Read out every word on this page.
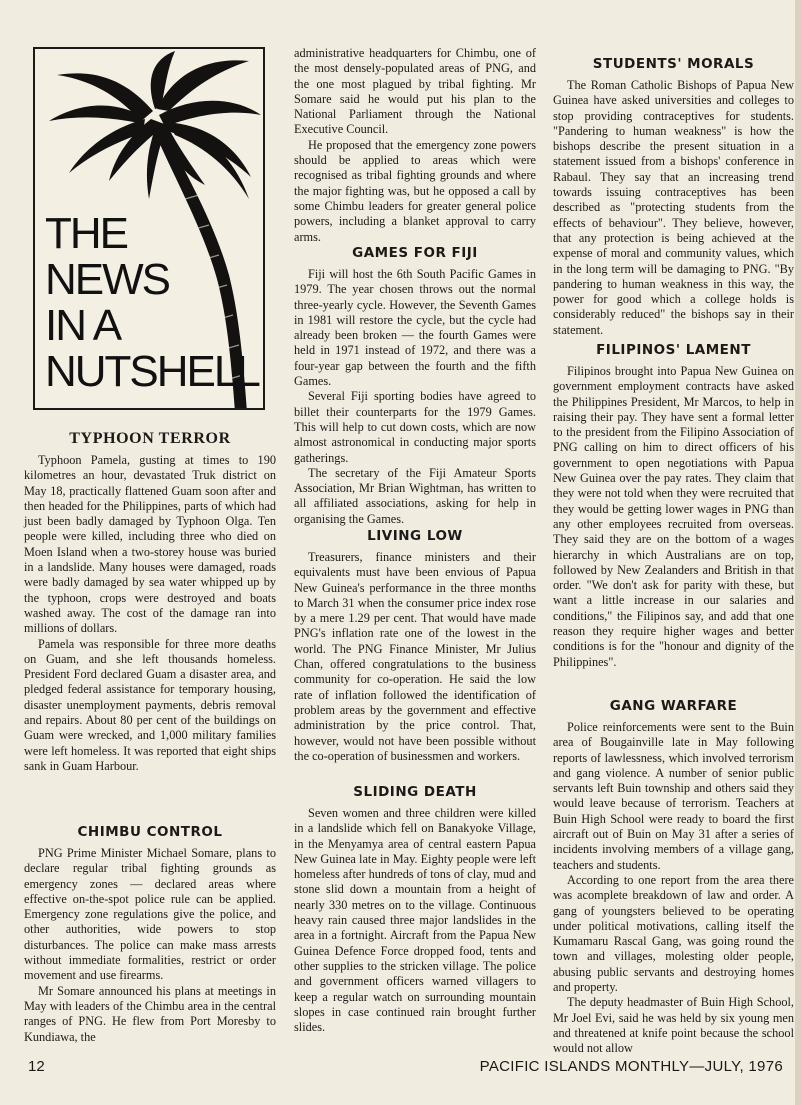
THE
NEWS
IN A
NUTSHELL
TYPHOON TERROR

Typhoon Pamela, gusting at times to 190 kilometres an hour, devastated Truk district on May 18, practically flattened Guam soon after and then headed for the Philippines, parts of which had just been badly damaged by Typhoon Olga. Ten people were killed, including three who died on Moen Island when a two-storey house was buried in a landslide. Many houses were damaged, roads were badly damaged by sea water whipped up by the typhoon, crops were destroyed and boats washed away. The cost of the damage ran into millions of dollars.

Pamela was responsible for three more deaths on Guam, and she left thousands homeless. President Ford declared Guam a disaster area, and pledged federal assistance for temporary housing, disaster unemployment payments, debris removal and repairs. About 80 per cent of the buildings on Guam were wrecked, and 1,000 military families were left homeless. It was reported that eight ships sank in Guam Harbour.

CHIMBU CONTROL

PNG Prime Minister Michael Somare, plans to declare regular tribal fighting grounds as emergency zones — declared areas where effective on-the-spot police rule can be applied. Emergency zone regulations give the police, and other authorities, wide powers to stop disturbances. The police can make mass arrests without immediate formalities, restrict or order movement and use firearms.

Mr Somare announced his plans at meetings in May with leaders of the Chimbu area in the central ranges of PNG. He flew from Port Moresby to Kundiawa, the

administrative headquarters for Chimbu, one of the most densely-populated areas of PNG, and the one most plagued by tribal fighting. Mr Somare said he would put his plan to the National Parliament through the National Executive Council.

He proposed that the emergency zone powers should be applied to areas which were recognised as tribal fighting grounds and where the major fighting was, but he opposed a call by some Chimbu leaders for greater general police powers, including a blanket approval to carry arms.

GAMES FOR FIJI

Fiji will host the 6th South Pacific Games in 1979. The year chosen throws out the normal three-yearly cycle. However, the Seventh Games in 1981 will restore the cycle, but the cycle had already been broken — the fourth Games were held in 1971 instead of 1972, and there was a four-year gap between the fourth and the fifth Games.

Several Fiji sporting bodies have agreed to billet their counterparts for the 1979 Games. This will help to cut down costs, which are now almost astronomical in conducting major sports gatherings.

The secretary of the Fiji Amateur Sports Association, Mr Brian Wightman, has written to all affiliated associations, asking for help in organising the Games.

LIVING LOW

Treasurers, finance ministers and their equivalents must have been envious of Papua New Guinea's performance in the three months to March 31 when the consumer price index rose by a mere 1.29 per cent. That would have made PNG's inflation rate one of the lowest in the world. The PNG Finance Minister, Mr Julius Chan, offered congratulations to the business community for co-operation. He said the low rate of inflation followed the identification of problem areas by the government and effective administration by the price control. That, however, would not have been possible without the co-operation of businessmen and workers.

SLIDING DEATH

Seven women and three children were killed in a landslide which fell on Banakyoke Village, in the Menyamya area of central eastern Papua New Guinea late in May. Eighty people were left homeless after hundreds of tons of clay, mud and stone slid down a mountain from a height of nearly 330 metres on to the village. Continuous heavy rain caused three major landslides in the area in a fortnight. Aircraft from the Papua New Guinea Defence Force dropped food, tents and other supplies to the stricken village. The police and government officers warned villagers to keep a regular watch on surrounding mountain slopes in case continued rain brought further slides.

STUDENTS' MORALS

The Roman Catholic Bishops of Papua New Guinea have asked universities and colleges to stop providing contraceptives for students. "Pandering to human weakness" is how the bishops describe the present situation in a statement issued from a bishops' conference in Rabaul. They say that an increasing trend towards issuing contraceptives has been described as "protecting students from the effects of behaviour". They believe, however, that any protection is being achieved at the expense of moral and community values, which in the long term will be damaging to PNG. "By pandering to human weakness in this way, the power for good which a college holds is considerably reduced" the bishops say in their statement.

FILIPINOS' LAMENT

Filipinos brought into Papua New Guinea on government employment contracts have asked the Philippines President, Mr Marcos, to help in raising their pay. They have sent a formal letter to the president from the Filipino Association of PNG calling on him to direct officers of his government to open negotiations with Papua New Guinea over the pay rates. They claim that they were not told when they were recruited that they would be getting lower wages in PNG than any other employees recruited from overseas. They said they are on the bottom of a wages hierarchy in which Australians are on top, followed by New Zealanders and British in that order. "We don't ask for parity with these, but want a little increase in our salaries and conditions," the Filipinos say, and add that one reason they require higher wages and better conditions is for the "honour and dignity of the Philippines".

GANG WARFARE

Police reinforcements were sent to the Buin area of Bougainville late in May following reports of lawlessness, which involved terrorism and gang violence. A number of senior public servants left Buin township and others said they would leave because of terrorism. Teachers at Buin High School were ready to board the first aircraft out of Buin on May 31 after a series of incidents involving members of a village gang, teachers and students.

According to one report from the area there was acomplete breakdown of law and order. A gang of youngsters believed to be operating under political motivations, calling itself the Kumamaru Rascal Gang, was going round the town and villages, molesting older people, abusing public servants and destroying homes and property.

The deputy headmaster of Buin High School, Mr Joel Evi, said he was held by six young men and threatened at knife point because the school would not allow

12	PACIFIC ISLANDS MONTHLY—JULY, 1976
